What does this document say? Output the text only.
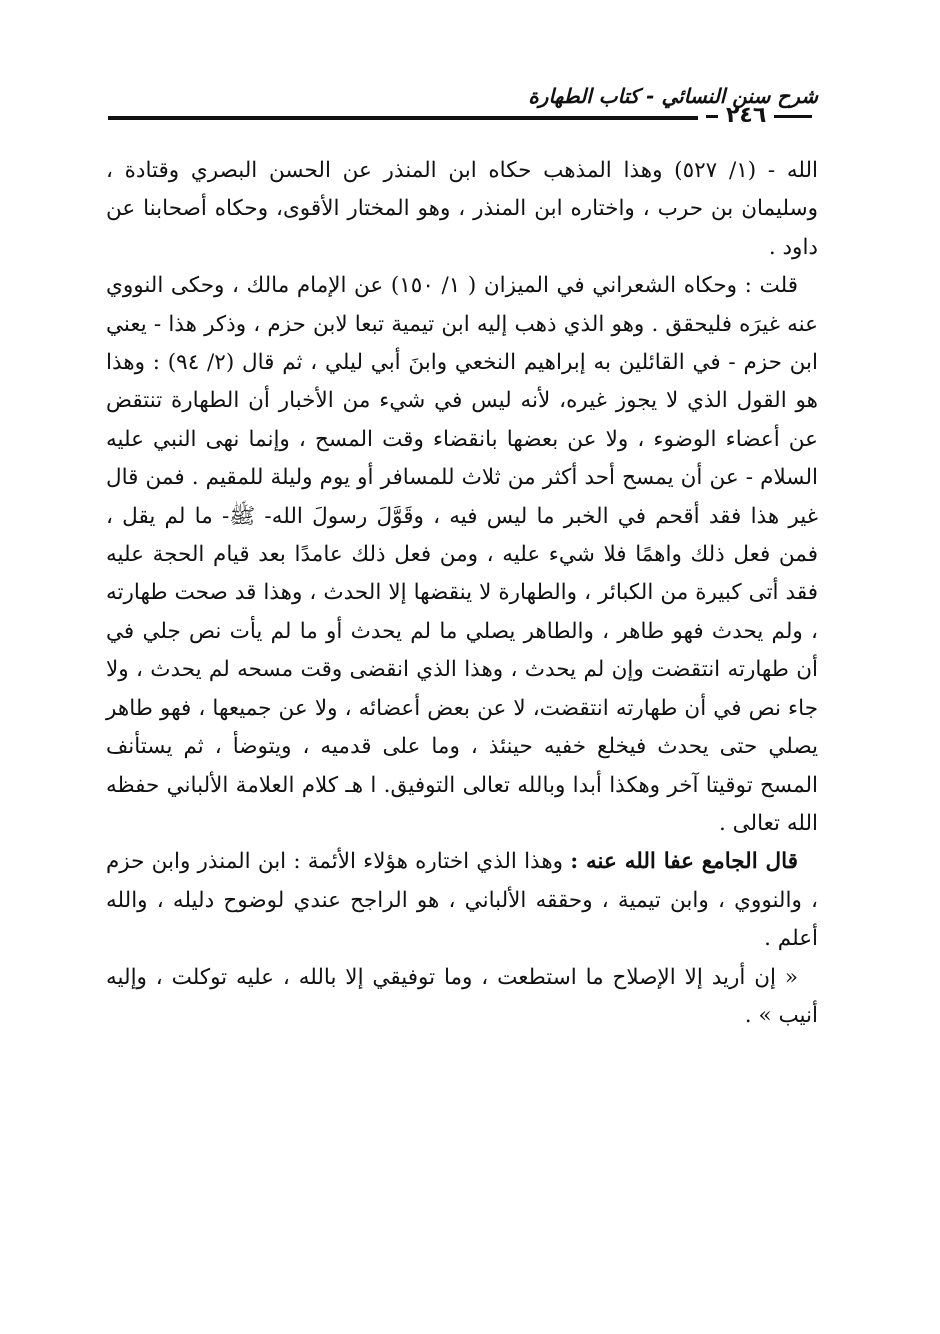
شرح سنن النسائي - كتاب الطهارة
٢٤٦

الله - (١/ ٥٢٧) وهذا المذهب حكاه ابن المنذر عن الحسن البصري وقتادة ، وسليمان بن حرب ، واختاره ابن المنذر ، وهو المختار الأقوى، وحكاه أصحابنا عن داود .

قلت : وحكاه الشعراني في الميزان ( ١/ ١٥٠) عن الإمام مالك ، وحكى النووي عنه غيرَه فليحقق . وهو الذي ذهب إليه ابن تيمية تبعا لابن حزم ، وذكر هذا - يعني ابن حزم - في القائلين به إبراهيم النخعي وابنَ أبي ليلي ، ثم قال (٢/ ٩٤) : وهذا هو القول الذي لا يجوز غيره، لأنه ليس في شيء من الأخبار أن الطهارة تنتقض عن أعضاء الوضوء ، ولا عن بعضها بانقضاء وقت المسح ، وإنما نهى النبي عليه السلام - عن أن يمسح أحد أكثر من ثلاث للمسافر أو يوم وليلة للمقيم . فمن قال غير هذا فقد أقحم في الخبر ما ليس فيه ، وقَوَّلَ رسولَ الله- ﷺ- ما لم يقل ، فمن فعل ذلك واهمًا فلا شيء عليه ، ومن فعل ذلك عامدًا بعد قيام الحجة عليه فقد أتى كبيرة من الكبائر ، والطهارة لا ينقضها إلا الحدث ، وهذا قد صحت طهارته ، ولم يحدث فهو طاهر ، والطاهر يصلي ما لم يحدث أو ما لم يأت نص جلي في أن طهارته انتقضت وإن لم يحدث ، وهذا الذي انقضى وقت مسحه لم يحدث ، ولا جاء نص في أن طهارته انتقضت، لا عن بعض أعضائه ، ولا عن جميعها ، فهو طاهر يصلي حتى يحدث فيخلع خفيه حينئذ ، وما على قدميه ، ويتوضأ ، ثم يستأنف المسح توقيتا آخر وهكذا أبدا وبالله تعالى التوفيق. ا هـ كلام العلامة الألباني حفظه الله تعالى .

قال الجامع عفا الله عنه : وهذا الذي اختاره هؤلاء الأئمة : ابن المنذر وابن حزم ، والنووي ، وابن تيمية ، وحققه الألباني ، هو الراجح عندي لوضوح دليله ، والله أعلم .

« إن أريد إلا الإصلاح ما استطعت ، وما توفيقي إلا بالله ، عليه توكلت ، وإليه أنيب » .
